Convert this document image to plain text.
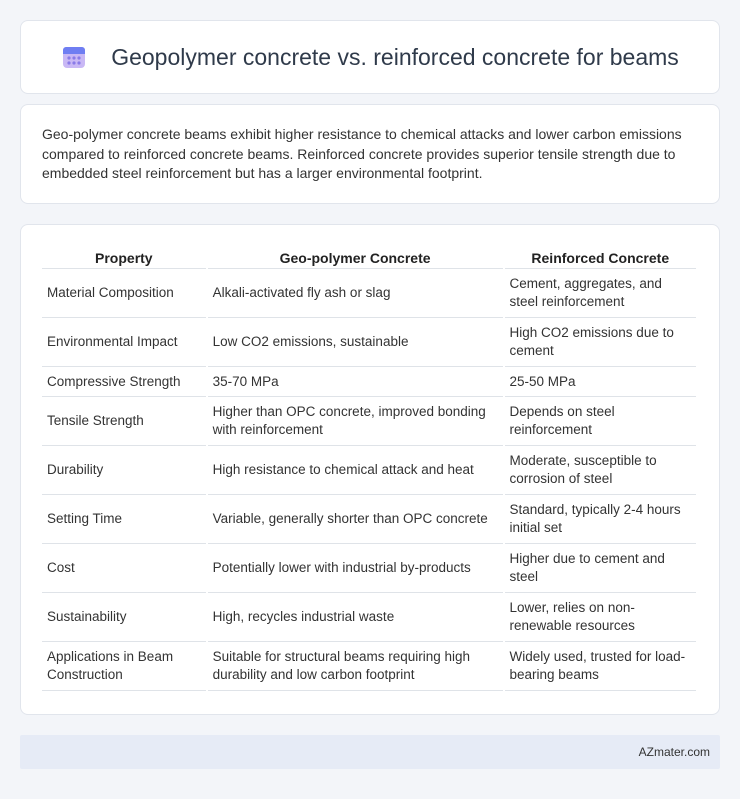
Geopolymer concrete vs. reinforced concrete for beams

Geo-polymer concrete beams exhibit higher resistance to chemical attacks and lower carbon emissions compared to reinforced concrete beams. Reinforced concrete provides superior tensile strength due to embedded steel reinforcement but has a larger environmental footprint.

Property	Geo-polymer Concrete	Reinforced Concrete
Material Composition	Alkali-activated fly ash or slag	Cement, aggregates, and steel reinforcement
Environmental Impact	Low CO2 emissions, sustainable	High CO2 emissions due to cement
Compressive Strength	35-70 MPa	25-50 MPa
Tensile Strength	Higher than OPC concrete, improved bonding with reinforcement	Depends on steel reinforcement
Durability	High resistance to chemical attack and heat	Moderate, susceptible to corrosion of steel
Setting Time	Variable, generally shorter than OPC concrete	Standard, typically 2-4 hours initial set
Cost	Potentially lower with industrial by-products	Higher due to cement and steel
Sustainability	High, recycles industrial waste	Lower, relies on non-renewable resources
Applications in Beam Construction	Suitable for structural beams requiring high durability and low carbon footprint	Widely used, trusted for load-bearing beams
AZmater.com
